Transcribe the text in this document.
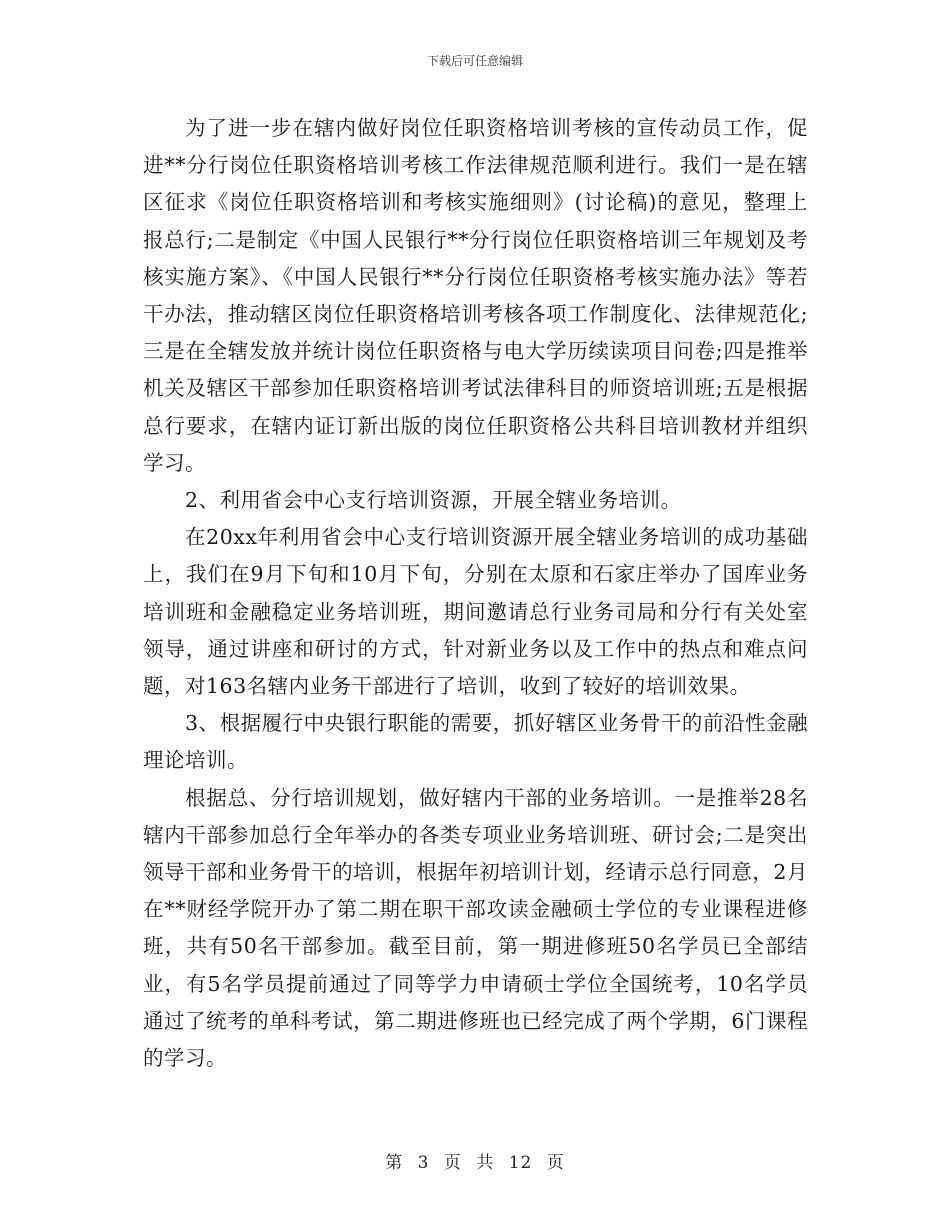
下载后可任意编辑

为了进一步在辖内做好岗位任职资格培训考核的宣传动员工作，促进**分行岗位任职资格培训考核工作法律规范顺利进行。我们一是在辖区征求《岗位任职资格培训和考核实施细则》(讨论稿)的意见，整理上报总行;二是制定《中国人民银行**分行岗位任职资格培训三年规划及考核实施方案》、《中国人民银行**分行岗位任职资格考核实施办法》等若干办法，推动辖区岗位任职资格培训考核各项工作制度化、法律规范化;三是在全辖发放并统计岗位任职资格与电大学历续读项目问卷;四是推举机关及辖区干部参加任职资格培训考试法律科目的师资培训班;五是根据总行要求，在辖内证订新出版的岗位任职资格公共科目培训教材并组织学习。

2、利用省会中心支行培训资源，开展全辖业务培训。

在20xx年利用省会中心支行培训资源开展全辖业务培训的成功基础上，我们在9月下旬和10月下旬，分别在太原和石家庄举办了国库业务培训班和金融稳定业务培训班，期间邀请总行业务司局和分行有关处室领导，通过讲座和研讨的方式，针对新业务以及工作中的热点和难点问题，对163名辖内业务干部进行了培训，收到了较好的培训效果。

3、根据履行中央银行职能的需要，抓好辖区业务骨干的前沿性金融理论培训。

根据总、分行培训规划，做好辖内干部的业务培训。一是推举28名辖内干部参加总行全年举办的各类专项业业务培训班、研讨会;二是突出领导干部和业务骨干的培训，根据年初培训计划，经请示总行同意，2月在**财经学院开办了第二期在职干部攻读金融硕士学位的专业课程进修班，共有50名干部参加。截至目前，第一期进修班50名学员已全部结业，有5名学员提前通过了同等学力申请硕士学位全国统考，10名学员通过了统考的单科考试，第二期进修班也已经完成了两个学期，6门课程的学习。

第 3 页 共 12 页
